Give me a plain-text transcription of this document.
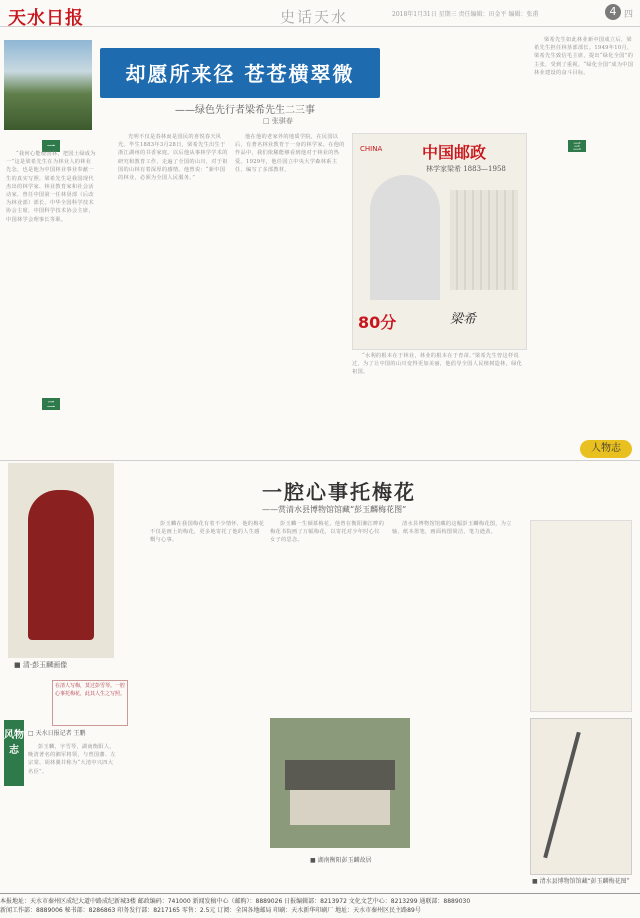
天水日报	史话天水	2018年1月31日 星期三 责任编辑：田金平 编辑：张甫	4 四
却愿所来径 苍苍横翠微
——绿色先行者梁希先生二三事
□ 张骐春
一

“我何心能使国林，把国土绿成为一”这是梁希先生在为林业人的林业先念，也是他为中国林业事业奉献一生的真实写照。梁希先生是我国现代杰出的林学家、林业教育家和社会活动家，曾任中国第一任林垦部（后改为林业部）部长，中华全国科学技术协会主席，中国科学技术协会主席，中国林学会理事长等职。

二

光明不仅是春林而是国民的喜悦春天风光。毕生1883年3月28日，梁希先生出生于浙江湖州的书香家庭。以后他从事林学学术的研究和教育工作，走遍了全国的山川，对于祖国的山林有着深厚的感情。他曾说：“新中国的林业，必须为全国人民服务。”

他在他的老家外的地质学院，在民国以后，有著名林业教育于一身的林学家。在他的作品中，我们依稀能够看到他对于林业的热爱。1929年，他任国立中央大学森林系主任，编写了多部教材。

“水利的根本在于林业，林业的根本在于育苗。”梁希先生曾这样说过，为了让中国的山川变得更加美丽，他倡导全国人民植树造林，绿化祖国。

三

梁希先生如此林业新中国成立后，梁希先生担任林垦部部长。1949年10月，梁希先生致信毛主席，提出“绿化全国”的主张，受到了重视。“绿化全国”成为中国林业建设的奋斗目标。

CHINA 中国邮政
林学家梁希 1883—1958
80分	梁希
人物志
■ 清·彭玉麟画像
在清人写梅，莫过彭雪琴。一腔心事托梅花，此其人生之写照。
□ 天水日报记者 王鹏
风物志
一腔心事托梅花
——赏清水县博物馆馆藏“彭玉麟梅花图”

彭玉麟，字雪琴，湖南衡阳人，晚清著名的湘军将领，与曾国藩、左宗棠、胡林翼并称为“大清中兴四大名臣”。

彭玉麟在我国梅花有着不少情怀，他的梅花不仅是画上的梅花，更多地寄托了他的人生感慨与心事。

彭玉麟一生倾慕梅花，他曾在衡阳湘江畔的梅花书院画了万幅梅花，以寄托对少年时心仪女子的思念。

清水县博物馆馆藏的这幅彭玉麟梅花图，为立轴，纸本墨笔，画面构图简洁，笔力遒劲。

■ 湖南衡阳彭玉麟故居
■ 清水县博物馆馆藏“彭玉麟梅花图”
本报地址：天水市秦州区成纪大道中路成纪新城3楼 邮政编码：741000 新闻发稿中心（邮购）：8889026 日报编辑部：8213972 文化文艺中心：8213299 通联部：8889030
新闻工作部：8889006 秘书部：8286863 印务发行部：8217165 零售：2.5元 订阅：全国各地邮局 印刷：天水新华印刷厂 地址：天水市秦州区民主路89号
